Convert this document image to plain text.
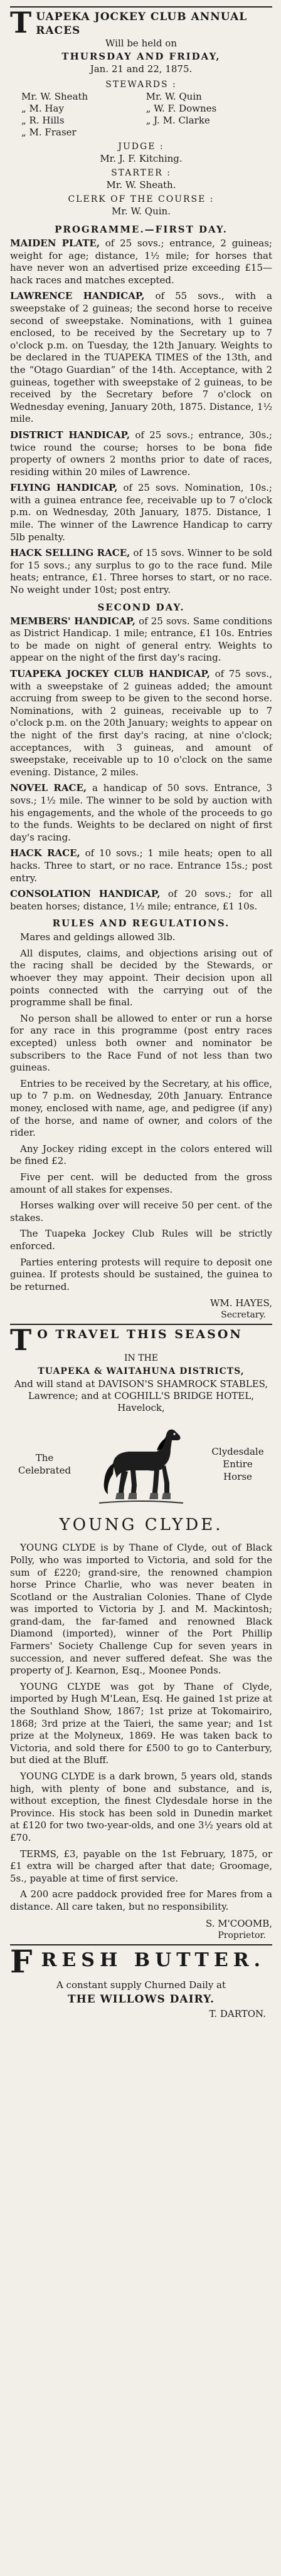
T UAPEKA JOCKEY CLUB ANNUAL RACES
Will be held on
THURSDAY AND FRIDAY,
Jan. 21 and 22, 1875.
STEWARDS :
Mr. W. Sheath	Mr. W. Quin
„ M. Hay	„ W. F. Downes
„ R. Hills	„ J. M. Clarke
„ M. Fraser
JUDGE :
Mr. J. F. Kitching.
STARTER :
Mr. W. Sheath.
CLERK OF THE COURSE :
Mr. W. Quin.
PROGRAMME.—FIRST DAY.

MAIDEN PLATE, of 25 sovs.; entrance, 2 guineas; weight for age; distance, 1½ mile; for horses that have never won an advertised prize exceeding £15—hack races and matches excepted.

LAWRENCE HANDICAP, of 55 sovs., with a sweepstake of 2 guineas; the second horse to receive second of sweepstake. Nominations, with 1 guinea enclosed, to be received by the Secretary up to 7 o'clock p.m. on Tuesday, the 12th January. Weights to be declared in the TUAPEKA TIMES of the 13th, and the “Otago Guardian” of the 14th. Acceptance, with 2 guineas, together with sweepstake of 2 guineas, to be received by the Secretary before 7 o'clock on Wednesday evening, January 20th, 1875. Distance, 1½ mile.

DISTRICT HANDICAP, of 25 sovs.; entrance, 30s.; twice round the course; horses to be bona fide property of owners 2 months prior to date of races, residing within 20 miles of Lawrence.

FLYING HANDICAP, of 25 sovs. Nomination, 10s.; with a guinea entrance fee, receivable up to 7 o'clock p.m. on Wednesday, 20th January, 1875. Distance, 1 mile. The winner of the Lawrence Handicap to carry 5lb penalty.

HACK SELLING RACE, of 15 sovs. Winner to be sold for 15 sovs.; any surplus to go to the race fund. Mile heats; entrance, £1. Three horses to start, or no race. No weight under 10st; post entry.

SECOND DAY.

MEMBERS' HANDICAP, of 25 sovs. Same conditions as District Handicap. 1 mile; entrance, £1 10s. Entries to be made on night of general entry. Weights to appear on the night of the first day's racing.

TUAPEKA JOCKEY CLUB HANDICAP, of 75 sovs., with a sweepstake of 2 guineas added; the amount accruing from sweep to be given to the second horse. Nominations, with 2 guineas, receivable up to 7 o'clock p.m. on the 20th January; weights to appear on the night of the first day's racing, at nine o'clock; acceptances, with 3 guineas, and amount of sweepstake, receivable up to 10 o'clock on the same evening. Distance, 2 miles.

NOVEL RACE, a handicap of 50 sovs. Entrance, 3 sovs.; 1½ mile. The winner to be sold by auction with his engagements, and the whole of the proceeds to go to the funds. Weights to be declared on night of first day's racing.

HACK RACE, of 10 sovs.; 1 mile heats; open to all hacks. Three to start, or no race. Entrance 15s.; post entry.

CONSOLATION HANDICAP, of 20 sovs.; for all beaten horses; distance, 1½ mile; entrance, £1 10s.

RULES AND REGULATIONS.

Mares and geldings allowed 3lb.

All disputes, claims, and objections arising out of the racing shall be decided by the Stewards, or whoever they may appoint. Their decision upon all points connected with the carrying out of the programme shall be final.

No person shall be allowed to enter or run a horse for any race in this programme (post entry races excepted) unless both owner and nominator be subscribers to the Race Fund of not less than two guineas.

Entries to be received by the Secretary, at his office, up to 7 p.m. on Wednesday, 20th January. Entrance money, enclosed with name, age, and pedigree (if any) of the horse, and name of owner, and colors of the rider.

Any Jockey riding except in the colors entered will be fined £2.

Five per cent. will be deducted from the gross amount of all stakes for expenses.

Horses walking over will receive 50 per cent. of the stakes.

The Tuapeka Jockey Club Rules will be strictly enforced.

Parties entering protests will require to deposit one guinea. If protests should be sustained, the guinea to be returned.

WM. HAYES,
Secretary.
T O TRAVEL THIS SEASON
IN THE
TUAPEKA & WAITAHUNA DISTRICTS,
And will stand at DAVISON'S SHAMROCK STABLES, Lawrence; and at COGHILL'S BRIDGE HOTEL, Havelock,
The Celebrated
Clydesdale Entire Horse
YOUNG CLYDE.

YOUNG CLYDE is by Thane of Clyde, out of Black Polly, who was imported to Victoria, and sold for the sum of £220; grand-sire, the renowned champion horse Prince Charlie, who was never beaten in Scotland or the Australian Colonies. Thane of Clyde was imported to Victoria by J. and M. Mackintosh; grand-dam, the far-famed and renowned Black Diamond (imported), winner of the Port Phillip Farmers' Society Challenge Cup for seven years in succession, and never suffered defeat. She was the property of J. Kearnon, Esq., Moonee Ponds.

YOUNG CLYDE was got by Thane of Clyde, imported by Hugh M'Lean, Esq. He gained 1st prize at the Southland Show, 1867; 1st prize at Tokomairiro, 1868; 3rd prize at the Taieri, the same year; and 1st prize at the Molyneux, 1869. He was taken back to Victoria, and sold there for £500 to go to Canterbury, but died at the Bluff.

YOUNG CLYDE is a dark brown, 5 years old, stands high, with plenty of bone and substance, and is, without exception, the finest Clydesdale horse in the Province. His stock has been sold in Dunedin market at £120 for two two-year-olds, and one 3½ years old at £70.

TERMS, £3, payable on the 1st February, 1875, or £1 extra will be charged after that date; Groomage, 5s., payable at time of first service.

A 200 acre paddock provided free for Mares from a distance. All care taken, but no responsibility.

S. M'COOMB,
Proprietor.
F RESH BUTTER.
A constant supply Churned Daily at
THE WILLOWS DAIRY.
T. DARTON.
